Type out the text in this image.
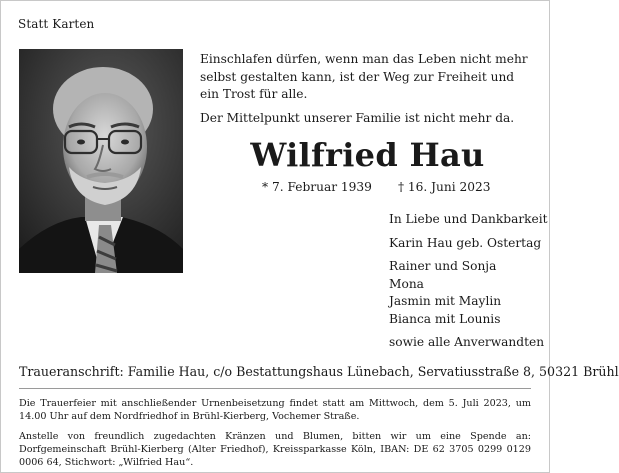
Statt Karten

Einschlafen dürfen, wenn man das Leben nicht mehr selbst gestalten kann, ist der Weg zur Freiheit und ein Trost für alle.

Der Mittelpunkt unserer Familie ist nicht mehr da.

Wilfried Hau
* 7. Februar 1939 † 16. Juni 2023
In Liebe und Dankbarkeit
Karin Hau geb. Ostertag
Rainer und Sonja
Mona
Jasmin mit Maylin
Bianca mit Lounis
sowie alle Anverwandten
Traueranschrift: Familie Hau, c/o Bestattungshaus Lünebach, Servatiusstraße 8, 50321 Brühl
Die Trauerfeier mit anschließender Urnenbeisetzung findet statt am Mittwoch, dem 5. Juli 2023, um 14.00 Uhr auf dem Nordfriedhof in Brühl-Kierberg, Vochemer Straße.
Anstelle von freundlich zugedachten Kränzen und Blumen, bitten wir um eine Spende an: Dorfgemeinschaft Brühl-Kierberg (Alter Friedhof), Kreissparkasse Köln, IBAN: DE 62 3705 0299 0129 0006 64, Stichwort: „Wilfried Hau“.
